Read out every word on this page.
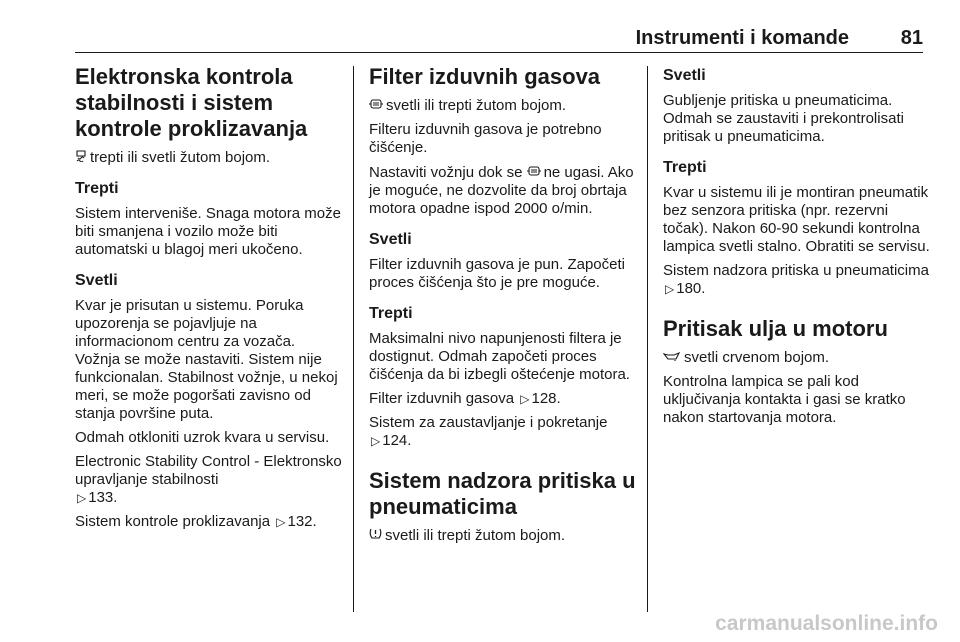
Instrumenti i komande	81
Elektronska kontrola stabilnosti i sistem kontrole proklizavanja

trepti ili svetli žutom bojom.

Trepti

Sistem interveniše. Snaga motora može biti smanjena i vozilo može biti automatski u blagoj meri ukočeno.

Svetli

Kvar je prisutan u sistemu. Poruka upozorenja se pojavljuje na informacionom centru za vozača. Vožnja se može nastaviti. Sistem nije funkcionalan. Stabilnost vožnje, u nekoj meri, se može pogoršati zavisno od stanja površine puta.

Odmah otkloniti uzrok kvara u servisu.

Electronic Stability Control - Elektronsko upravljanje stabilnosti
▷ 133.

Sistem kontrole proklizavanja ▷ 132.

Filter izduvnih gasova

svetli ili trepti žutom bojom.

Filteru izduvnih gasova je potrebno čišćenje.

Nastaviti vožnju dok se ne ugasi. Ako je moguće, ne dozvolite da broj obrtaja motora opadne ispod 2000 o/min.

Svetli

Filter izduvnih gasova je pun. Započeti proces čišćenja što je pre moguće.

Trepti

Maksimalni nivo napunjenosti filtera je dostignut. Odmah započeti proces čišćenja da bi izbegli oštećenje motora.

Filter izduvnih gasova ▷ 128.

Sistem za zaustavljanje i pokretanje
▷ 124.

Sistem nadzora pritiska u pneumaticima

svetli ili trepti žutom bojom.

Svetli

Gubljenje pritiska u pneumaticima. Odmah se zaustaviti i prekontrolisati pritisak u pneumaticima.

Trepti

Kvar u sistemu ili je montiran pneumatik bez senzora pritiska (npr. rezervni točak). Nakon 60-90 sekundi kontrolna lampica svetli stalno. Obratiti se servisu.

Sistem nadzora pritiska u pneumaticima ▷ 180.

Pritisak ulja u motoru

svetli crvenom bojom.

Kontrolna lampica se pali kod uključivanja kontakta i gasi se kratko nakon startovanja motora.

carmanualsonline.info
